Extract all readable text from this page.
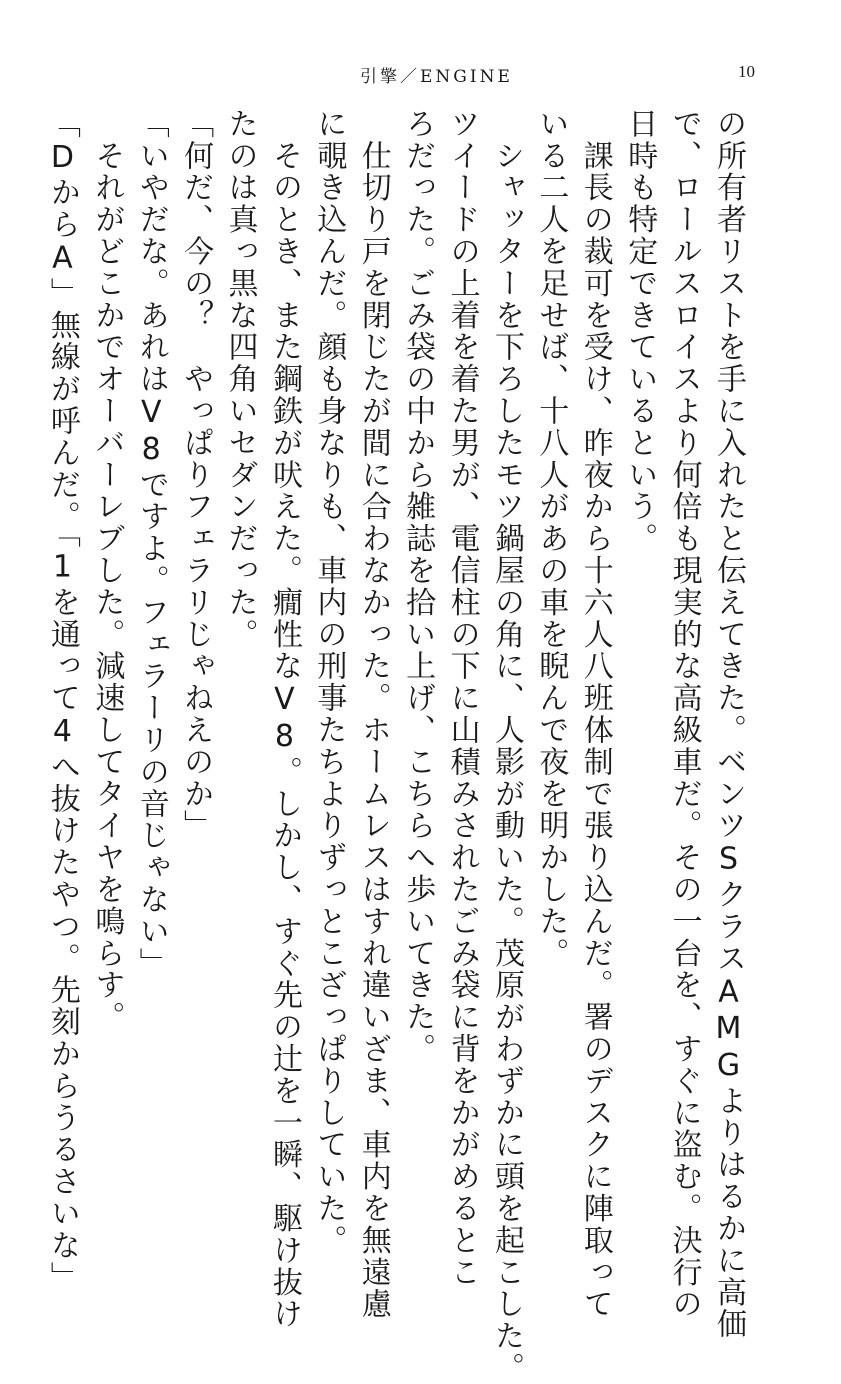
引擎／ENGINE	10
の所有者リストを手に入れたと伝えてきた。ベンツSクラスAMGよりはるかに高価
で、ロールスロイスより何倍も現実的な高級車だ。その一台を、すぐに盗む。決行の
日時も特定できているという。
　課長の裁可を受け、昨夜から十六人八班体制で張り込んだ。署のデスクに陣取って
いる二人を足せば、十八人があの車を睨んで夜を明かした。
　シャッターを下ろしたモツ鍋屋の角に、人影が動いた。茂原がわずかに頭を起こした。
ツイードの上着を着た男が、電信柱の下に山積みされたごみ袋に背をかがめるとこ
ろだった。ごみ袋の中から雑誌を拾い上げ、こちらへ歩いてきた。
　仕切り戸を閉じたが間に合わなかった。ホームレスはすれ違いざま、車内を無遠慮
に覗き込んだ。顔も身なりも、車内の刑事たちよりずっとこざっぱりしていた。
　そのとき、また鋼鉄が吠えた。癇性なV8。しかし、すぐ先の辻を一瞬、駆け抜け
たのは真っ黒な四角いセダンだった。
「何だ、今の？　やっぱりフェラリじゃねえのか」
「いやだな。あれはV8ですよ。フェラーリの音じゃない」
　それがどこかでオーバーレブした。減速してタイヤを鳴らす。
「DからA」無線が呼んだ。「1を通って4へ抜けたやつ。先刻からうるさいな」
